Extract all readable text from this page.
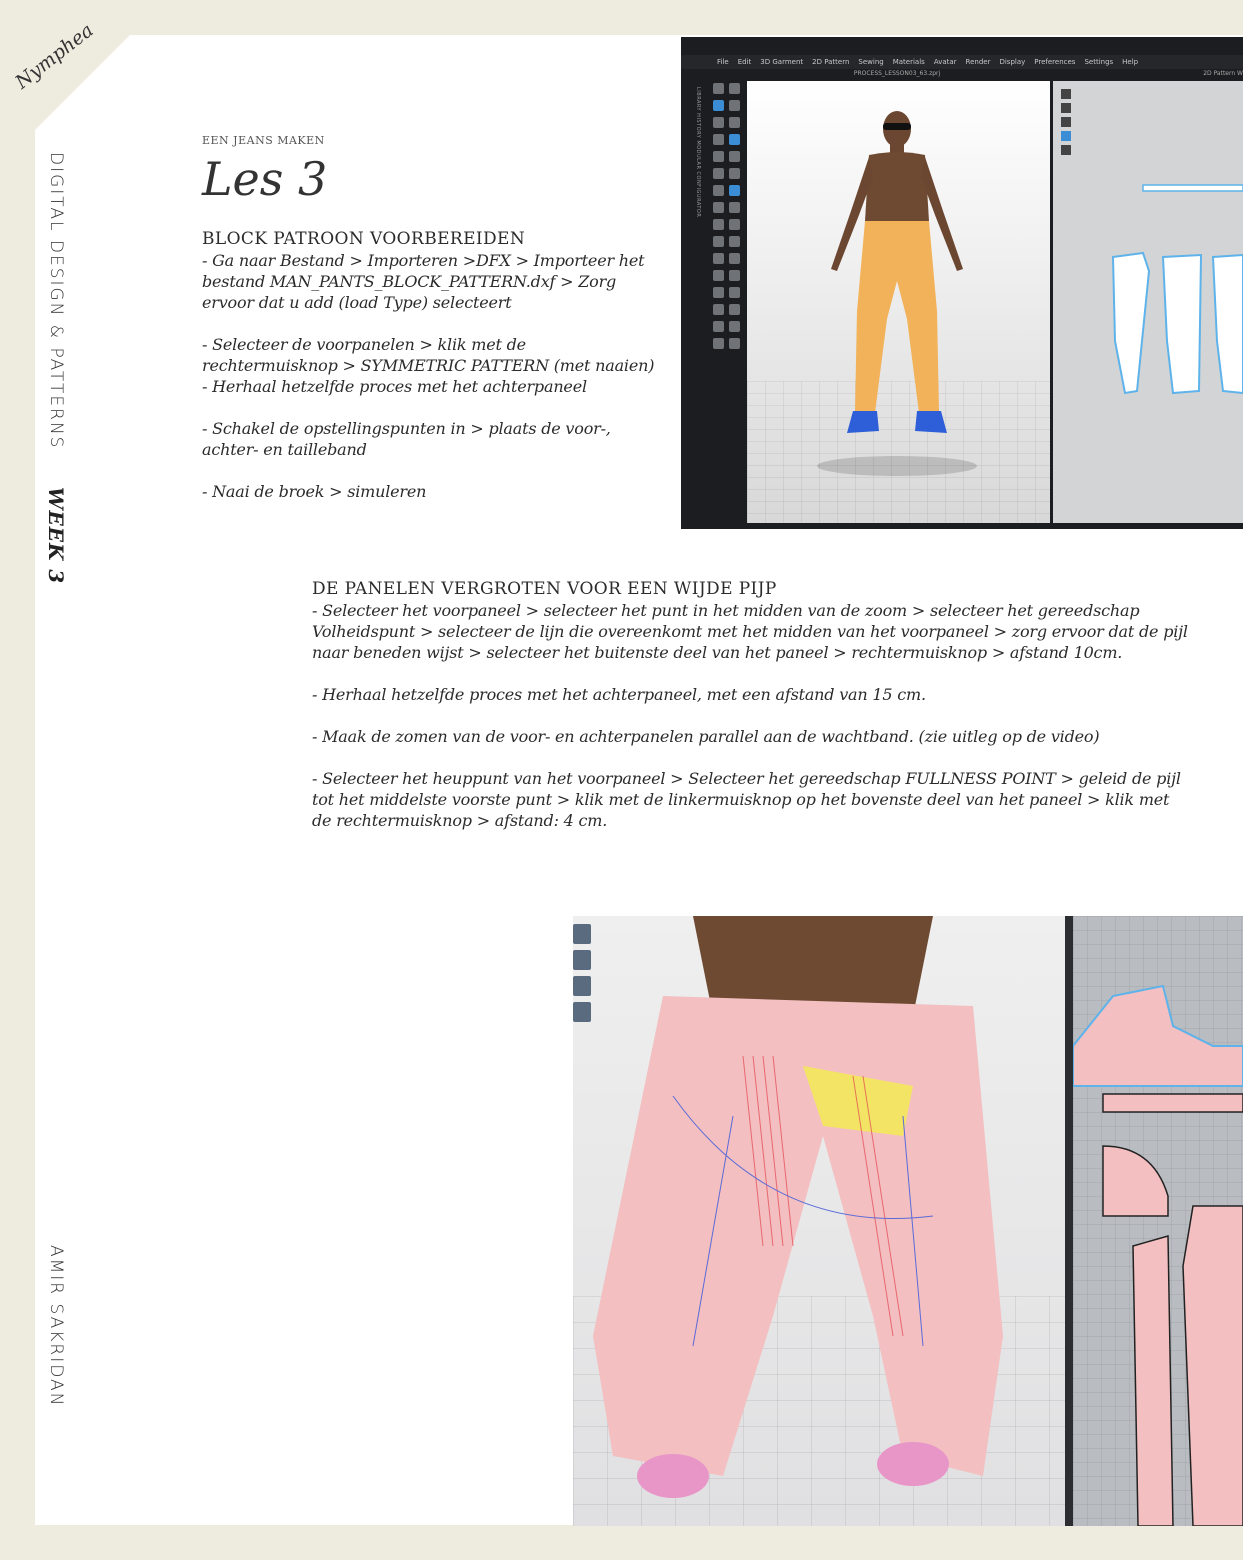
Nymphea
DIGITAL DESIGN & PATTERNS
WEEK 3
AMIR SAKRIDAN
EEN JEANS MAKEN
Les 3
BLOCK PATROON VOORBEREIDEN

- Ga naar Bestand > Importeren >DFX > Importeer het bestand MAN_PANTS_BLOCK_PATTERN.dxf > Zorg ervoor dat u add (load Type) selecteert

- Selecteer de voorpanelen > klik met de rechtermuisknop > SYMMETRIC PATTERN (met naaien) - Herhaal hetzelfde proces met het achterpaneel

- Schakel de opstellingspunten in > plaats de voor-, achter- en tailleband

- Naai de broek > simuleren

DE PANELEN VERGROTEN VOOR EEN WIJDE PIJP

- Selecteer het voorpaneel > selecteer het punt in het midden van de zoom > selecteer het gereedschap Volheidspunt > selecteer de lijn die overeenkomt met het midden van het voorpaneel > zorg ervoor dat de pijl naar beneden wijst > selecteer het buitenste deel van het paneel > rechtermuisknop > afstand 10cm.

- Herhaal hetzelfde proces met het achterpaneel, met een afstand van 15 cm.

- Maak de zomen van de voor- en achterpanelen parallel aan de wachtband. (zie uitleg op de video)

- Selecteer het heuppunt van het voorpaneel > Selecteer het gereedschap FULLNESS POINT > geleid de pijl tot het middelste voorste punt > klik met de linkermuisknop op het bovenste deel van het paneel > klik met de rechtermuisknop > afstand: 4 cm.

File Edit 3D Garment 2D Pattern Sewing Materials Avatar Render Display Preferences Settings Help
PROCESS_LESSON03_63.zprj	2D Pattern W
LIBRARY HISTORY MODULAR CONFIGURATOR
